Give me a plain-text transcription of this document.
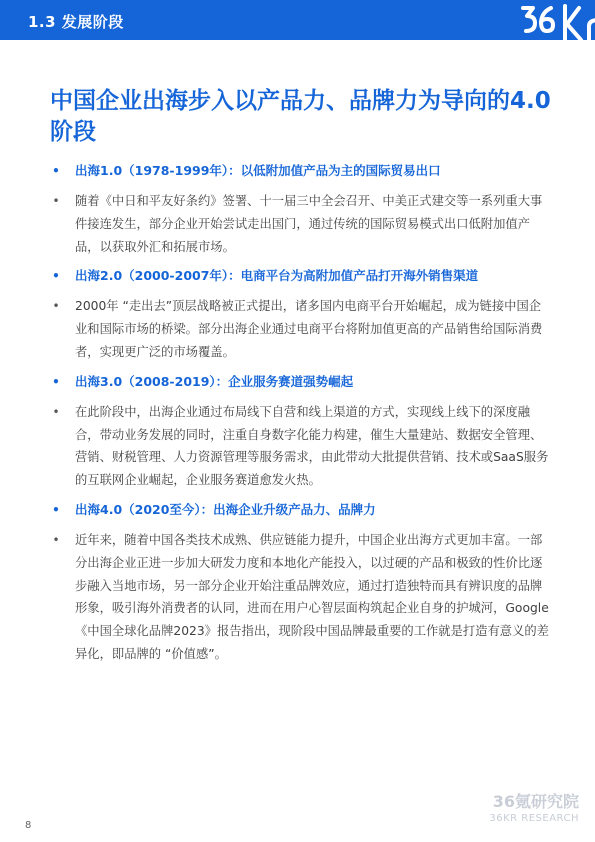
1.3 发展阶段
中国企业出海步入以产品力、品牌力为导向的4.0阶段
• 出海1.0（1978-1999年）：以低附加值产品为主的国际贸易出口
• 随着《中日和平友好条约》签署、十一届三中全会召开、中美正式建交等一系列重大事件接连发生，部分企业开始尝试走出国门，通过传统的国际贸易模式出口低附加值产品，以获取外汇和拓展市场。
• 出海2.0（2000-2007年）：电商平台为高附加值产品打开海外销售渠道
• 2000年 “走出去”顶层战略被正式提出，诸多国内电商平台开始崛起，成为链接中国企业和国际市场的桥梁。部分出海企业通过电商平台将附加值更高的产品销售给国际消费者，实现更广泛的市场覆盖。
• 出海3.0（2008-2019）：企业服务赛道强势崛起
• 在此阶段中，出海企业通过布局线下自营和线上渠道的方式，实现线上线下的深度融合，带动业务发展的同时，注重自身数字化能力构建，催生大量建站、数据安全管理、营销、财税管理、人力资源管理等服务需求，由此带动大批提供营销、技术或SaaS服务的互联网企业崛起，企业服务赛道愈发火热。
• 出海4.0（2020至今）：出海企业升级产品力、品牌力
• 近年来，随着中国各类技术成熟、供应链能力提升，中国企业出海方式更加丰富。一部分出海企业正进一步加大研发力度和本地化产能投入，以过硬的产品和极致的性价比逐步融入当地市场，另一部分企业开始注重品牌效应，通过打造独特而具有辨识度的品牌形象，吸引海外消费者的认同，进而在用户心智层面构筑起企业自身的护城河，Google《中国全球化品牌2023》报告指出，现阶段中国品牌最重要的工作就是打造有意义的差异化，即品牌的 “价值感”。
36氪研究院
36KR RESEARCH
8
